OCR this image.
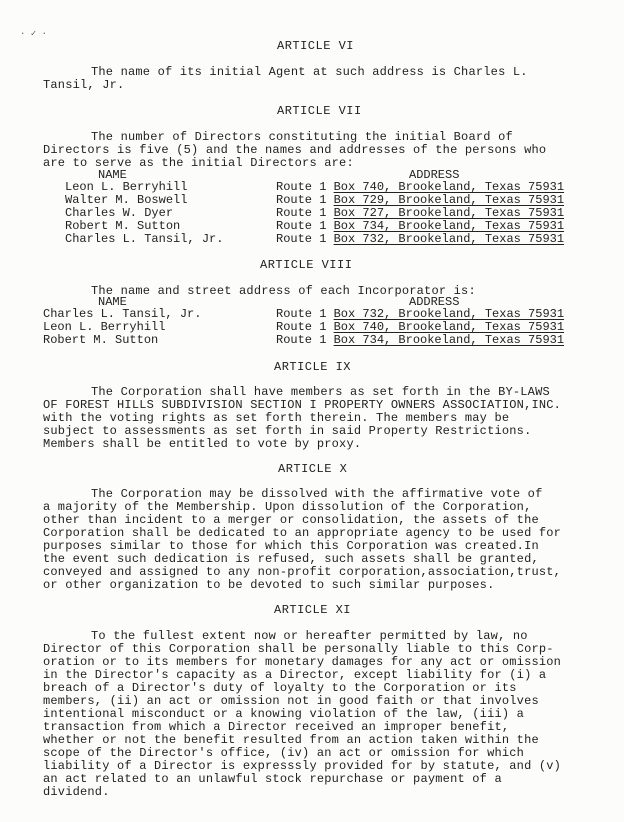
· ✓ ·
ARTICLE VI
The name of its initial Agent at such address is Charles L.
Tansil, Jr.
ARTICLE VII
The number of Directors constituting the initial Board of
Directors is five (5) and the names and addresses of the persons who
are to serve as the initial Directors are:
NAME	ADDRESS
Leon L. Berryhill	Route 1 Box 740, Brookeland, Texas 75931
Walter M. Boswell	Route 1 Box 729, Brookeland, Texas 75931
Charles W. Dyer	Route 1 Box 727, Brookeland, Texas 75931
Robert M. Sutton	Route 1 Box 734, Brookeland, Texas 75931
Charles L. Tansil, Jr.	Route 1 Box 732, Brookeland, Texas 75931
ARTICLE VIII
The name and street address of each Incorporator is:
NAME	ADDRESS
Charles L. Tansil, Jr.	Route 1 Box 732, Brookeland, Texas 75931
Leon L. Berryhill	Route 1 Box 740, Brookeland, Texas 75931
Robert M. Sutton	Route 1 Box 734, Brookeland, Texas 75931
ARTICLE IX
The Corporation shall have members as set forth in the BY-LAWS
OF FOREST HILLS SUBDIVISION SECTION I PROPERTY OWNERS ASSOCIATION,INC.
with the voting rights as set forth therein. The members may be
subject to assessments as set forth in said Property Restrictions.
Members shall be entitled to vote by proxy.
ARTICLE X
The Corporation may be dissolved with the affirmative vote of
a majority of the Membership. Upon dissolution of the Corporation,
other than incident to a merger or consolidation, the assets of the
Corporation shall be dedicated to an appropriate agency to be used for
purposes similar to those for which this Corporation was created.In
the event such dedication is refused, such assets shall be granted,
conveyed and assigned to any non-profit corporation,association,trust,
or other organization to be devoted to such similar purposes.
ARTICLE XI
To the fullest extent now or hereafter permitted by law, no
Director of this Corporation shall be personally liable to this Corp-
oration or to its members for monetary damages for any act or omission
in the Director's capacity as a Director, except liability for (i) a
breach of a Director's duty of loyalty to the Corporation or its
members, (ii) an act or omission not in good faith or that involves
intentional misconduct or a knowing violation of the law, (iii) a
transaction from which a Director received an improper benefit,
whether or not the benefit resulted from an action taken within the
scope of the Director's office, (iv) an act or omission for which
liability of a Director is expresssly provided for by statute, and (v)
an act related to an unlawful stock repurchase or payment of a
dividend.
